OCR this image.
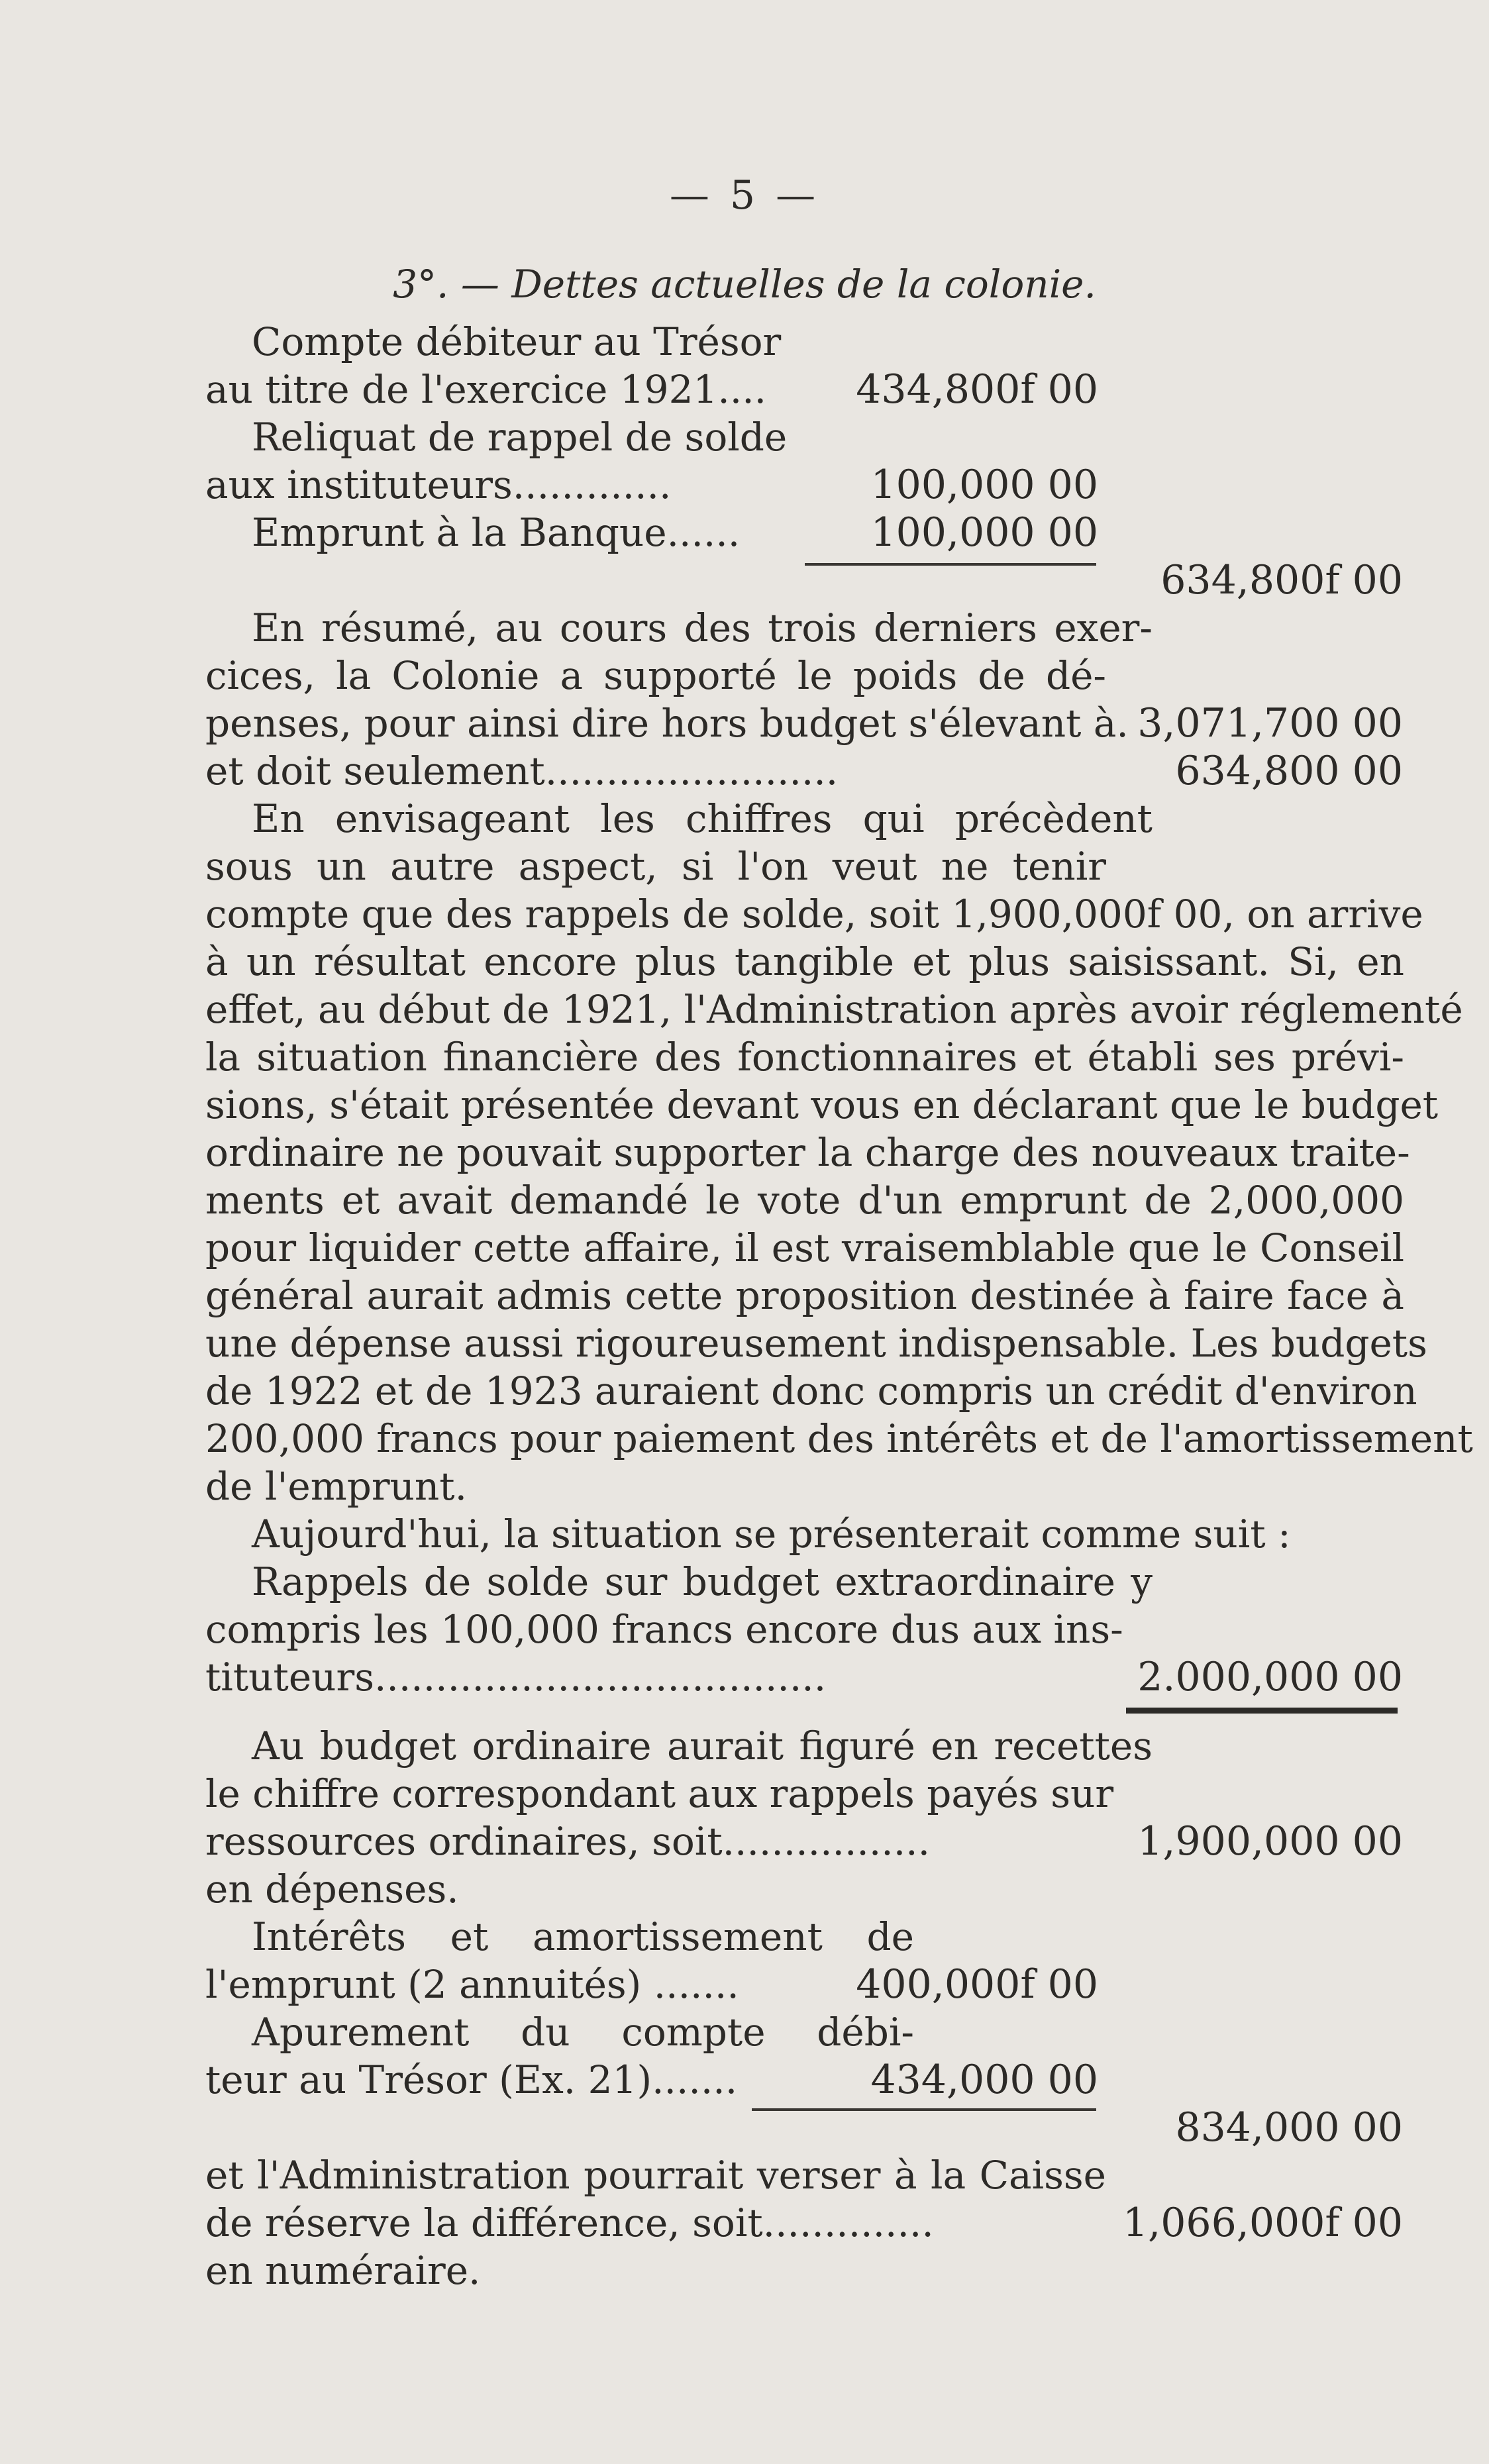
— 5 —
3°. — Dettes actuelles de la colonie.
Compte débiteur au Trésor
au titre de l'exercice 1921.... 434,800f 00
Reliquat de rappel de solde
aux instituteurs.............	100,000 00
Emprunt à la Banque......	100,000 00
634,800f 00
En résumé, au cours des trois derniers exer-
cices, la Colonie a supporté le poids de dé-
penses, pour ainsi dire hors budget s'élevant à. 3,071,700 00
et doit seulement........................	634,800 00
En envisageant les chiffres qui précèdent
sous un autre aspect, si l'on veut ne tenir
compte que des rappels de solde, soit 1,900,000f 00, on arrive
à un résultat encore plus tangible et plus saisissant. Si, en
effet, au début de 1921, l'Administration après avoir réglementé
la situation financière des fonctionnaires et établi ses prévi-
sions, s'était présentée devant vous en déclarant que le budget
ordinaire ne pouvait supporter la charge des nouveaux traite-
ments et avait demandé le vote d'un emprunt de 2,000,000
pour liquider cette affaire, il est vraisemblable que le Conseil
général aurait admis cette proposition destinée à faire face à
une dépense aussi rigoureusement indispensable. Les budgets
de 1922 et de 1923 auraient donc compris un crédit d'environ
200,000 francs pour paiement des intérêts et de l'amortissement
de l'emprunt.
Aujourd'hui, la situation se présenterait comme suit :
Rappels de solde sur budget extraordinaire y
compris les 100,000 francs encore dus aux ins-
tituteurs.....................................	2.000,000 00
Au budget ordinaire aurait figuré en recettes
le chiffre correspondant aux rappels payés sur
ressources ordinaires, soit.................	1,900,000 00
en dépenses.
Intérêts et amortissement de
l'emprunt (2 annuités) .......	400,000f 00
Apurement du compte débi-
teur au Trésor (Ex. 21).......	434,000 00
834,000 00
et l'Administration pourrait verser à la Caisse
de réserve la différence, soit..............	1,066,000f 00
en numéraire.
